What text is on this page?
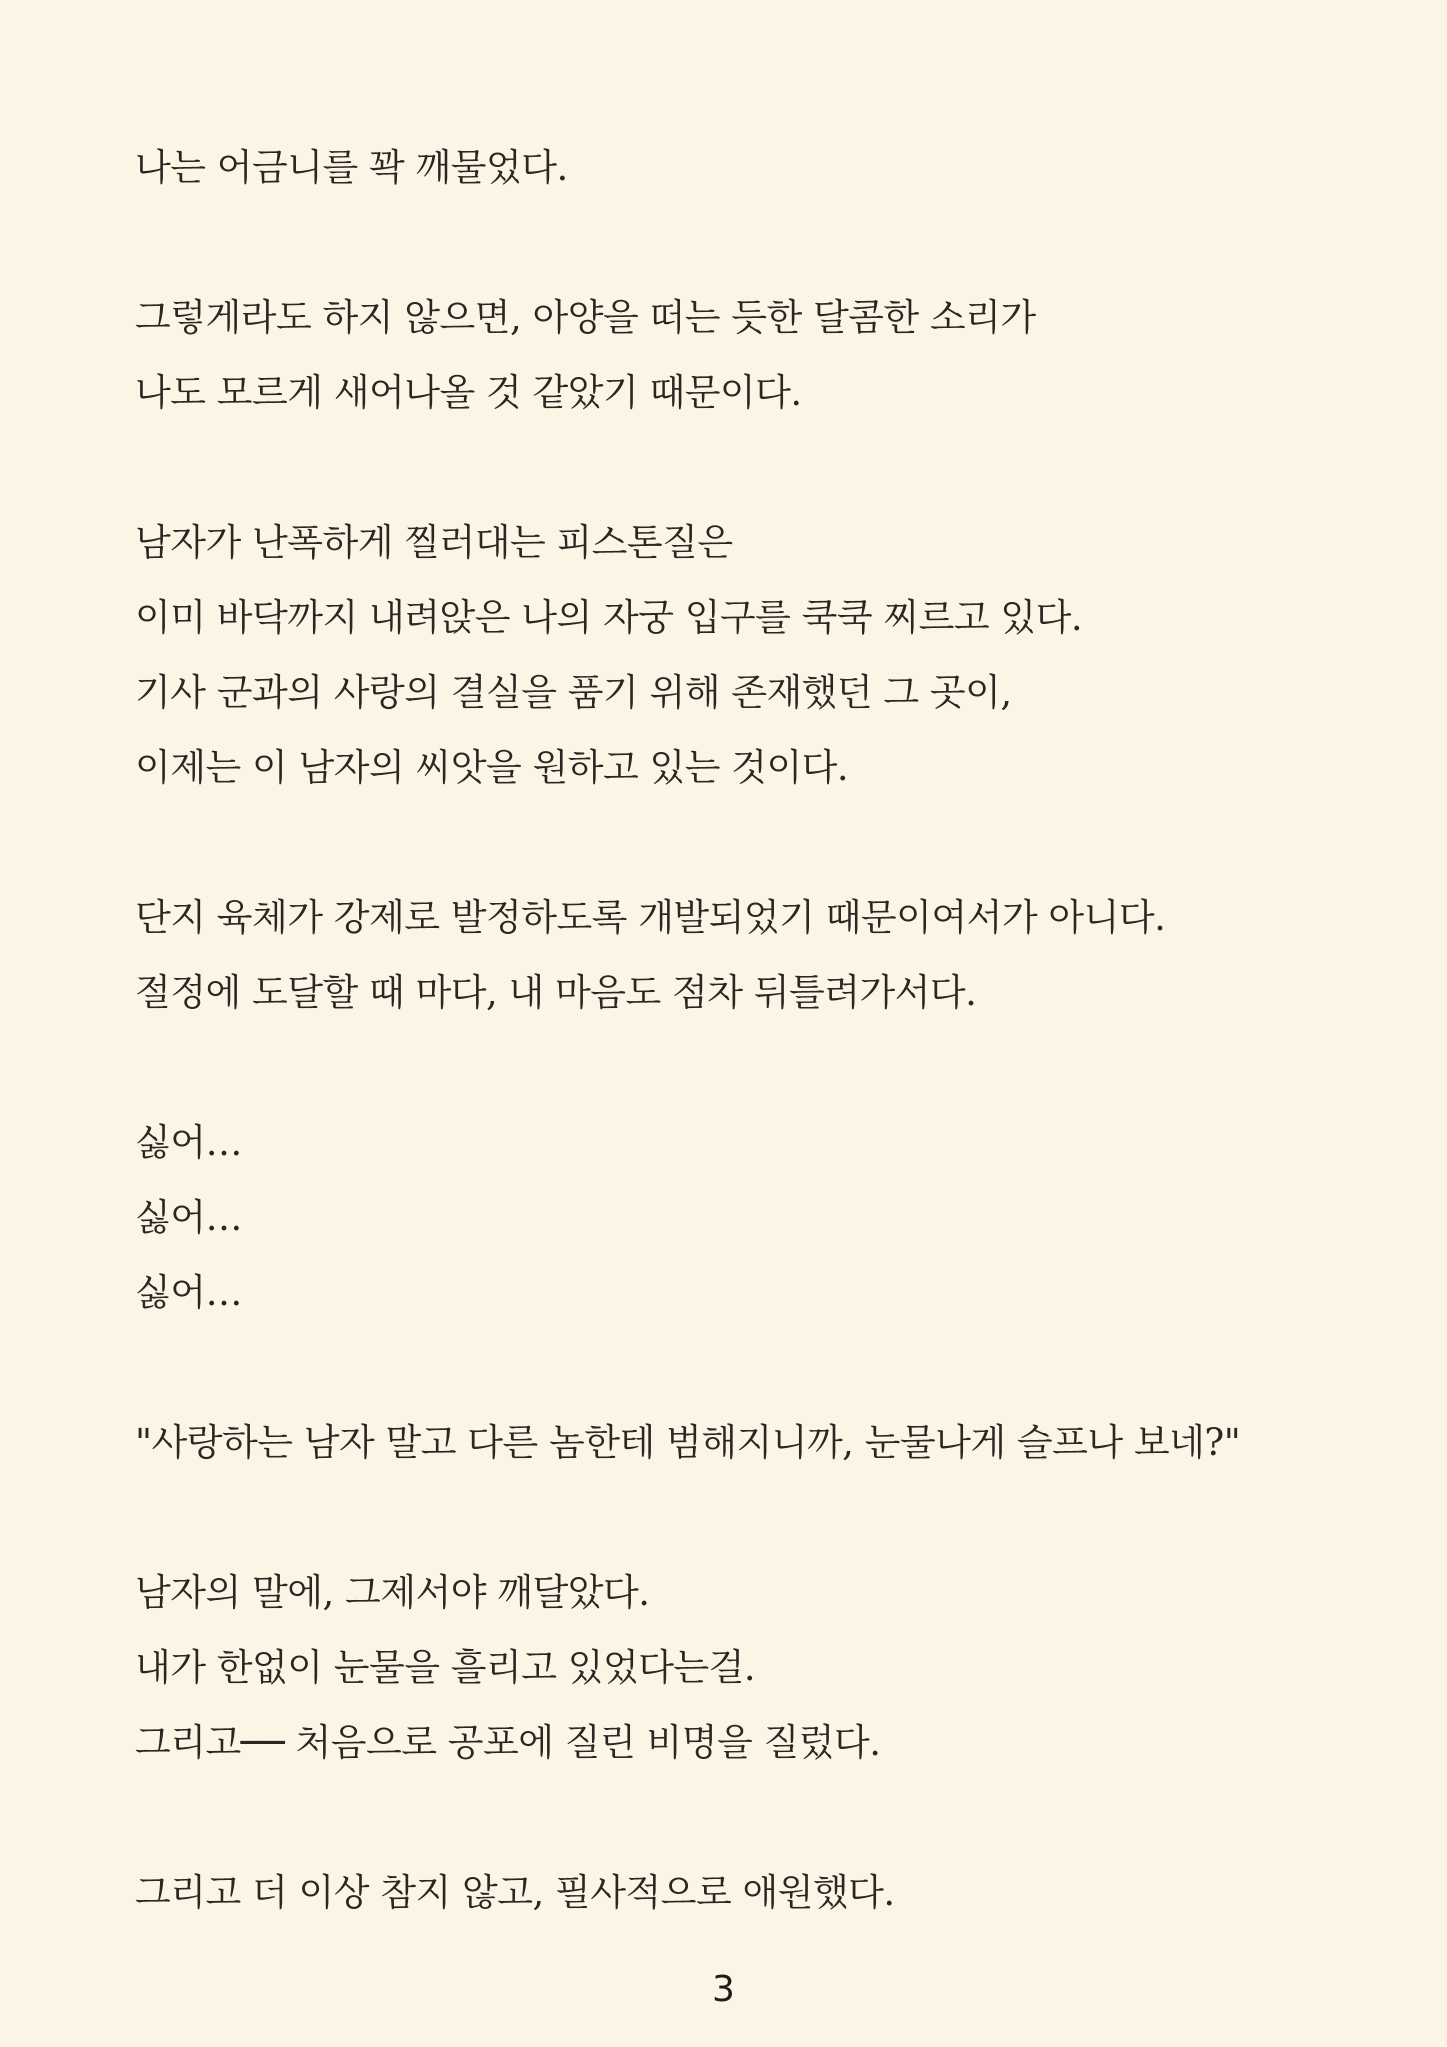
나는 어금니를 꽉 깨물었다.
그렇게라도 하지 않으면, 아양을 떠는 듯한 달콤한 소리가
나도 모르게 새어나올 것 같았기 때문이다.
남자가 난폭하게 찔러대는 피스톤질은
이미 바닥까지 내려앉은 나의 자궁 입구를 쿡쿡 찌르고 있다.
기사 군과의 사랑의 결실을 품기 위해 존재했던 그 곳이,
이제는 이 남자의 씨앗을 원하고 있는 것이다.
단지 육체가 강제로 발정하도록 개발되었기 때문이여서가 아니다.
절정에 도달할 때 마다, 내 마음도 점차 뒤틀려가서다.
싫어…
싫어…
싫어…
"사랑하는 남자 말고 다른 놈한테 범해지니까, 눈물나게 슬프나 보네?"
남자의 말에, 그제서야 깨달았다.
내가 한없이 눈물을 흘리고 있었다는걸.
그리고── 처음으로 공포에 질린 비명을 질렀다.
그리고 더 이상 참지 않고, 필사적으로 애원했다.
3
